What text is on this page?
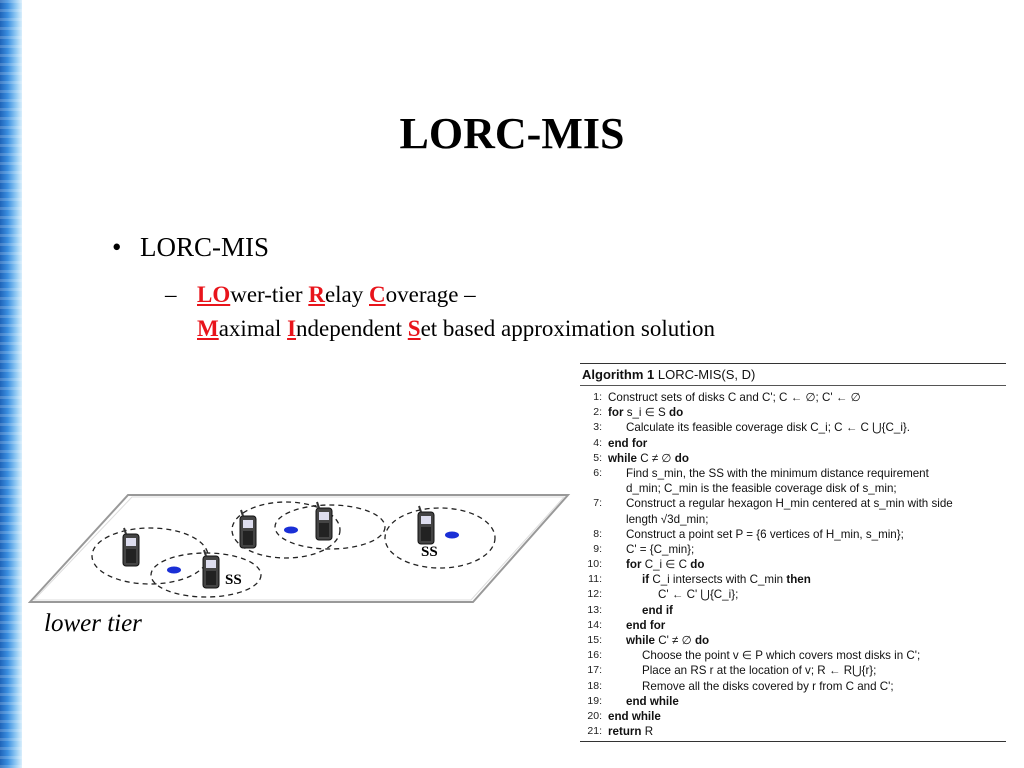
LORC-MIS
• LORC-MIS
– LOwer-tier Relay Coverage –
Maximal Independent Set based approximation solution
SS
SS
lower tier
Algorithm 1 LORC-MIS(S, D)
1: Construct sets of disks C and C'; C ← ∅; C' ← ∅
2: for s_i ∈ S do
3: Calculate its feasible coverage disk C_i; C ← C ⋃{C_i}.
4: end for
5: while C ≠ ∅ do
6: Find s_min, the SS with the minimum distance requirement
d_min; C_min is the feasible coverage disk of s_min;
7: Construct a regular hexagon H_min centered at s_min with side
length √3d_min;
8: Construct a point set P = {6 vertices of H_min, s_min};
9: C' = {C_min};
10: for C_i ∈ C do
11:	if C_i intersects with C_min then
12:	C' ← C' ⋃{C_i};
13:	end if
14: end for
15: while C' ≠ ∅ do
16:	Choose the point v ∈ P which covers most disks in C';
17:	Place an RS r at the location of v; R ← R⋃{r};
18:	Remove all the disks covered by r from C and C';
19: end while
20: end while
21: return R
